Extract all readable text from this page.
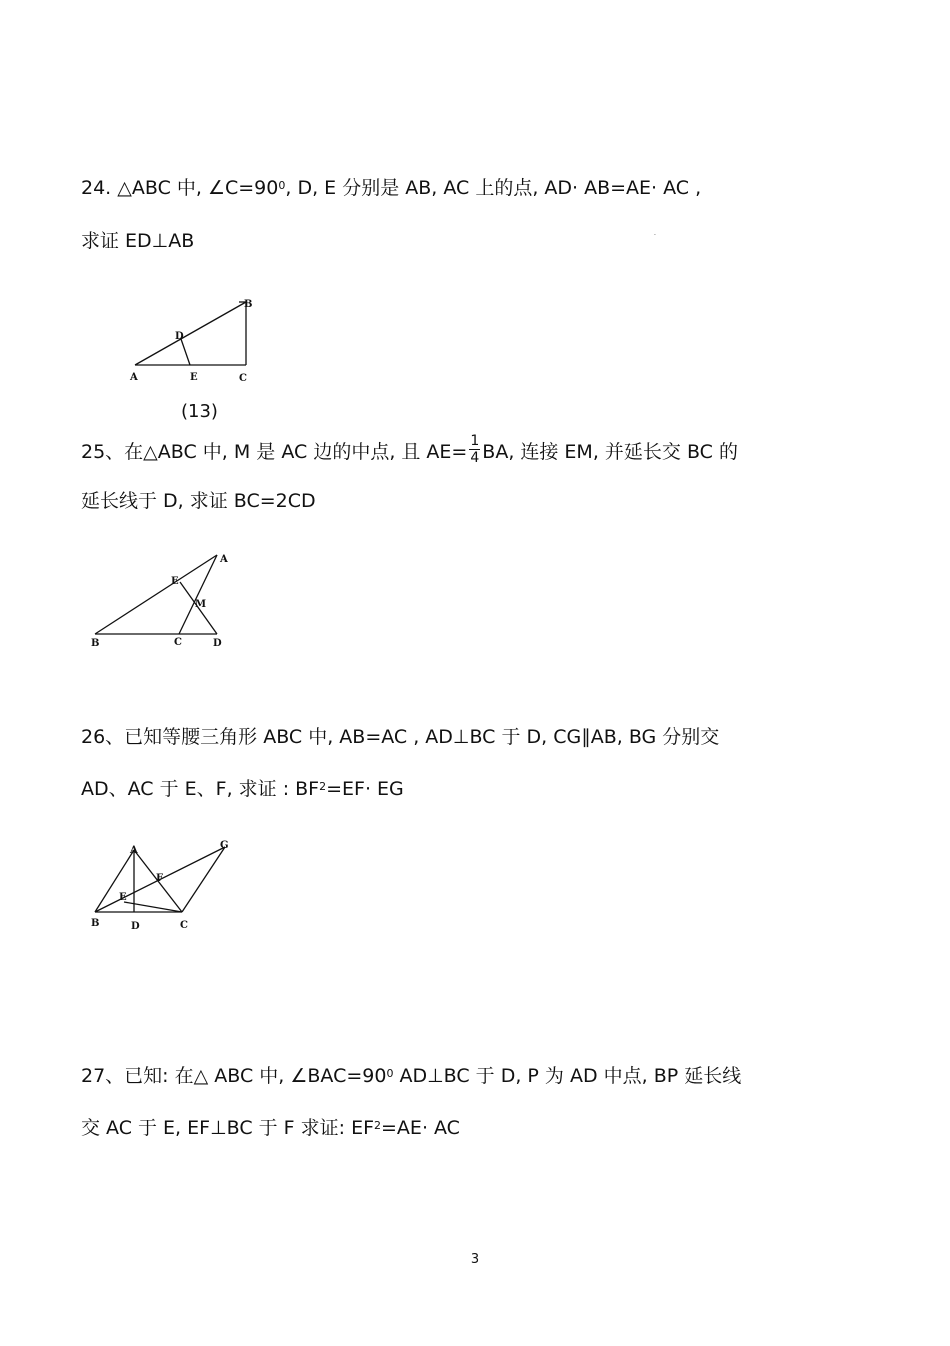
24. △ABC 中, $\angle C=90^0$, D, E 分别是 AB, AC 上的点, AD· AB=AE· AC ,
求证 ED⊥AB	·
A
B
C
D
E
(13)
25、在△ABC 中, M 是 AC 边的中点, 且 $AE= \frac{1}{4}$ BA, 连接 EM, 并延长交 BC 的
延长线于 D, 求证 BC=2CD
A
B	C	D
E
M
26、已知等腰三角形 ABC 中, AB=AC , AD⊥BC 于 D, CG∥AB, BG 分别交
AD、AC 于 E、F, 求证 : $BF^2=EF\cdot$ EG
A
B	C
D
E
F
G
27、已知: 在△ ABC 中, $\angle BAC=90^0$ AD⊥BC 于 D, P 为 AD 中点, BP 延长线
交 AC 于 E, EF⊥BC 于 F 求证: $EF^2=AE\cdot$ AC
3
